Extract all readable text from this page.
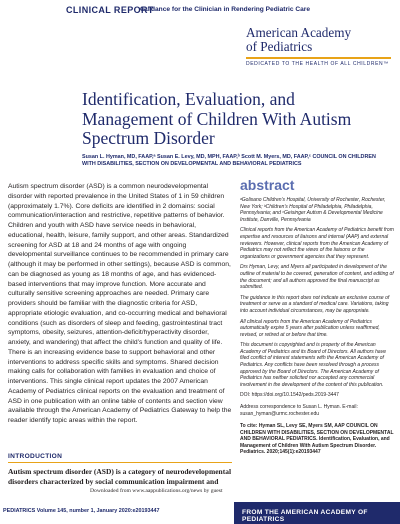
CLINICAL REPORT
Guidance for the Clinician in Rendering Pediatric Care
American Academy
of Pediatrics
DEDICATED TO THE HEALTH OF ALL CHILDREN™
Identification, Evaluation, and Management of Children With Autism Spectrum Disorder
Susan L. Hyman, MD, FAAP,ᵃ Susan E. Levy, MD, MPH, FAAP,ᵇ Scott M. Myers, MD, FAAP,ᶜ COUNCIL ON CHILDREN WITH DISABILITIES, SECTION ON DEVELOPMENTAL AND BEHAVIORAL PEDIATRICS
Autism spectrum disorder (ASD) is a common neurodevelopmental disorder with reported prevalence in the United States of 1 in 59 children (approximately 1.7%). Core deficits are identified in 2 domains: social communication/interaction and restrictive, repetitive patterns of behavior. Children and youth with ASD have service needs in behavioral, educational, health, leisure, family support, and other areas. Standardized screening for ASD at 18 and 24 months of age with ongoing developmental surveillance continues to be recommended in primary care (although it may be performed in other settings), because ASD is common, can be diagnosed as young as 18 months of age, and has evidenced-based interventions that may improve function. More accurate and culturally sensitive screening approaches are needed. Primary care providers should be familiar with the diagnostic criteria for ASD, appropriate etiologic evaluation, and co-occurring medical and behavioral conditions (such as disorders of sleep and feeding, gastrointestinal tract symptoms, obesity, seizures, attention-deficit/hyperactivity disorder, anxiety, and wandering) that affect the child’s function and quality of life. There is an increasing evidence base to support behavioral and other interventions to address specific skills and symptoms. Shared decision making calls for collaboration with families in evaluation and choice of interventions. This single clinical report updates the 2007 American Academy of Pediatrics clinical reports on the evaluation and treatment of ASD in one publication with an online table of contents and section view available through the American Academy of Pediatrics Gateway to help the reader identify topic areas within the report.
abstract

ᵃGolisano Children’s Hospital, University of Rochester, Rochester, New York; ᵇChildren’s Hospital of Philadelphia, Philadelphia, Pennsylvania; and ᶜGeisinger Autism & Developmental Medicine Institute, Danville, Pennsylvania

Clinical reports from the American Academy of Pediatrics benefit from expertise and resources of liaisons and internal (AAP) and external reviewers. However, clinical reports from the American Academy of Pediatrics may not reflect the views of the liaisons or the organizations or government agencies that they represent.

Drs Hyman, Levy, and Myers all participated in development of the outline of material to be covered, generation of content, and editing of the document; and all authors approved the final manuscript as submitted.

The guidance in this report does not indicate an exclusive course of treatment or serve as a standard of medical care. Variations, taking into account individual circumstances, may be appropriate.

All clinical reports from the American Academy of Pediatrics automatically expire 5 years after publication unless reaffirmed, revised, or retired at or before that time.

This document is copyrighted and is property of the American Academy of Pediatrics and its Board of Directors. All authors have filed conflict of interest statements with the American Academy of Pediatrics. Any conflicts have been resolved through a process approved by the Board of Directors. The American Academy of Pediatrics has neither solicited nor accepted any commercial involvement in the development of the content of this publication.

DOI: https://doi.org/10.1542/peds.2019-3447

Address correspondence to Susan L. Hyman. E-mail: susan_hyman@urmc.rochester.edu
To cite: Hyman SL, Levy SE, Myers SM, AAP COUNCIL ON CHILDREN WITH DISABILITIES, SECTION ON DEVELOPMENTAL AND BEHAVIORAL PEDIATRICS. Identification, Evaluation, and Management of Children With Autism Spectrum Disorder. Pediatrics. 2020;145(1):e20193447
INTRODUCTION
Autism spectrum disorder (ASD) is a category of neurodevelopmental disorders characterized by social communication impairment and
Downloaded from www.aappublications.org/news by guest
PEDIATRICS Volume 145, number 1, January 2020:e20193447	FROM THE AMERICAN ACADEMY OF PEDIATRICS
